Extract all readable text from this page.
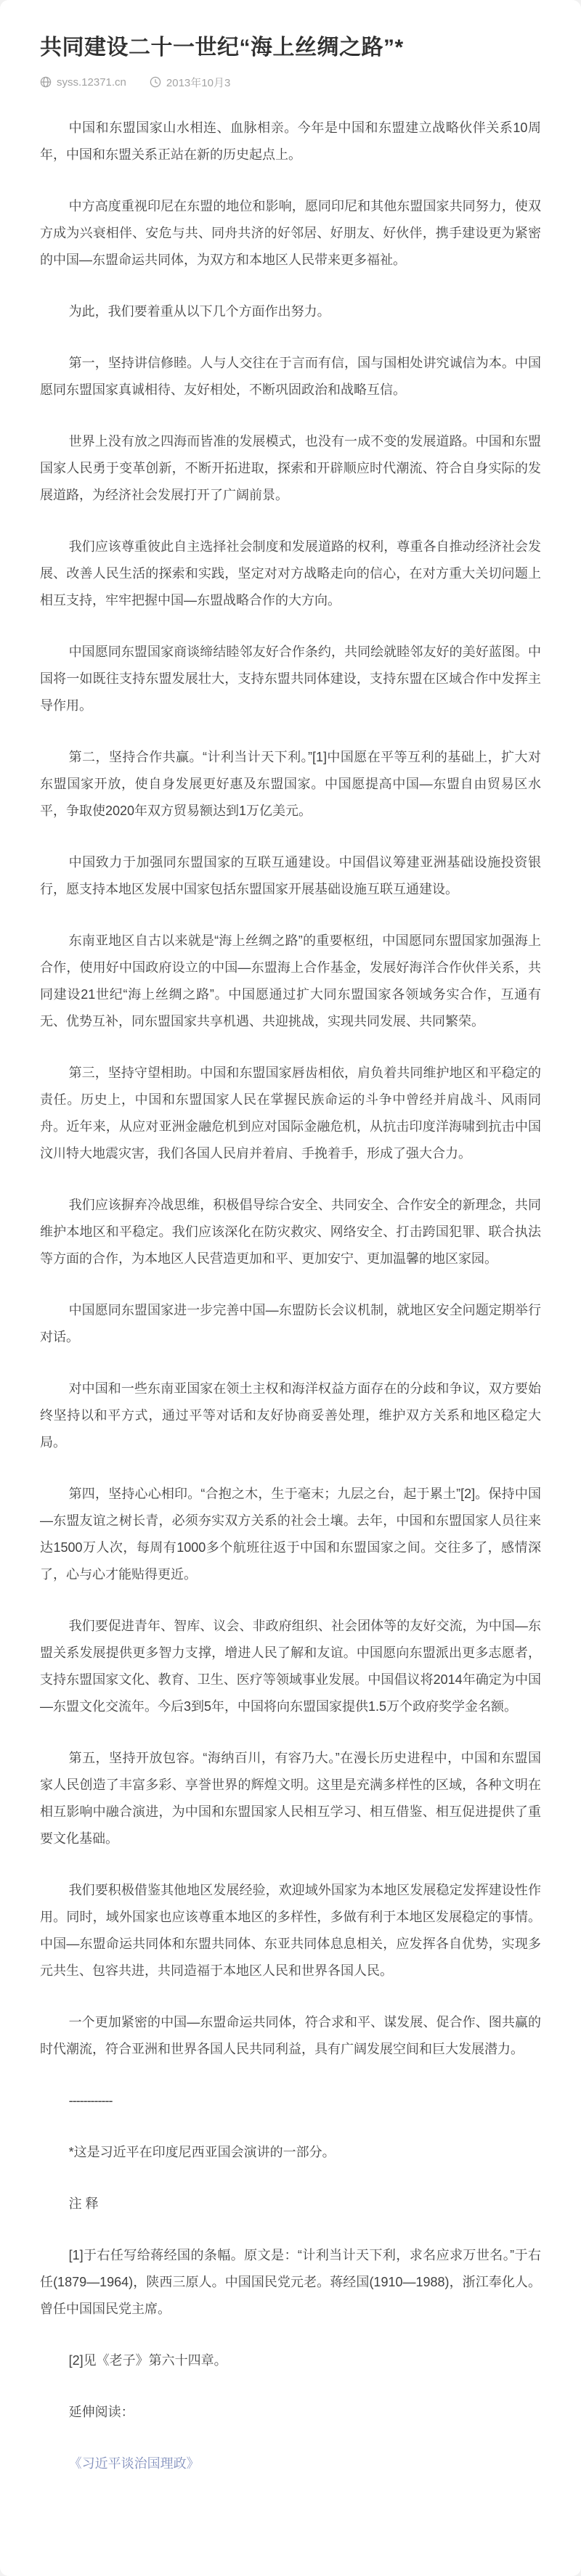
共同建设二十一世纪“海上丝绸之路”*
syss.12371.cn	2013年10月3

中国和东盟国家山水相连、血脉相亲。今年是中国和东盟建立战略伙伴关系10周年，中国和东盟关系正站在新的历史起点上。

中方高度重视印尼在东盟的地位和影响，愿同印尼和其他东盟国家共同努力，使双方成为兴衰相伴、安危与共、同舟共济的好邻居、好朋友、好伙伴，携手建设更为紧密的中国—东盟命运共同体，为双方和本地区人民带来更多福祉。

为此，我们要着重从以下几个方面作出努力。

第一，坚持讲信修睦。人与人交往在于言而有信，国与国相处讲究诚信为本。中国愿同东盟国家真诚相待、友好相处，不断巩固政治和战略互信。

世界上没有放之四海而皆准的发展模式，也没有一成不变的发展道路。中国和东盟国家人民勇于变革创新，不断开拓进取，探索和开辟顺应时代潮流、符合自身实际的发展道路，为经济社会发展打开了广阔前景。

我们应该尊重彼此自主选择社会制度和发展道路的权利，尊重各自推动经济社会发展、改善人民生活的探索和实践，坚定对对方战略走向的信心，在对方重大关切问题上相互支持，牢牢把握中国—东盟战略合作的大方向。

中国愿同东盟国家商谈缔结睦邻友好合作条约，共同绘就睦邻友好的美好蓝图。中国将一如既往支持东盟发展壮大，支持东盟共同体建设，支持东盟在区域合作中发挥主导作用。

第二，坚持合作共赢。“计利当计天下利。”[1]中国愿在平等互利的基础上，扩大对东盟国家开放，使自身发展更好惠及东盟国家。中国愿提高中国—东盟自由贸易区水平，争取使2020年双方贸易额达到1万亿美元。

中国致力于加强同东盟国家的互联互通建设。中国倡议筹建亚洲基础设施投资银行，愿支持本地区发展中国家包括东盟国家开展基础设施互联互通建设。

东南亚地区自古以来就是“海上丝绸之路”的重要枢纽，中国愿同东盟国家加强海上合作，使用好中国政府设立的中国—东盟海上合作基金，发展好海洋合作伙伴关系，共同建设21世纪“海上丝绸之路”。中国愿通过扩大同东盟国家各领域务实合作，互通有无、优势互补，同东盟国家共享机遇、共迎挑战，实现共同发展、共同繁荣。

第三，坚持守望相助。中国和东盟国家唇齿相依，肩负着共同维护地区和平稳定的责任。历史上，中国和东盟国家人民在掌握民族命运的斗争中曾经并肩战斗、风雨同舟。近年来，从应对亚洲金融危机到应对国际金融危机，从抗击印度洋海啸到抗击中国汶川特大地震灾害，我们各国人民肩并着肩、手挽着手，形成了强大合力。

我们应该摒弃冷战思维，积极倡导综合安全、共同安全、合作安全的新理念，共同维护本地区和平稳定。我们应该深化在防灾救灾、网络安全、打击跨国犯罪、联合执法等方面的合作，为本地区人民营造更加和平、更加安宁、更加温馨的地区家园。

中国愿同东盟国家进一步完善中国—东盟防长会议机制，就地区安全问题定期举行对话。

对中国和一些东南亚国家在领土主权和海洋权益方面存在的分歧和争议，双方要始终坚持以和平方式，通过平等对话和友好协商妥善处理，维护双方关系和地区稳定大局。

第四，坚持心心相印。“合抱之木，生于毫末；九层之台，起于累土”[2]。保持中国—东盟友谊之树长青，必须夯实双方关系的社会土壤。去年，中国和东盟国家人员往来达1500万人次，每周有1000多个航班往返于中国和东盟国家之间。交往多了，感情深了，心与心才能贴得更近。

我们要促进青年、智库、议会、非政府组织、社会团体等的友好交流，为中国—东盟关系发展提供更多智力支撑，增进人民了解和友谊。中国愿向东盟派出更多志愿者，支持东盟国家文化、教育、卫生、医疗等领域事业发展。中国倡议将2014年确定为中国—东盟文化交流年。今后3到5年，中国将向东盟国家提供1.5万个政府奖学金名额。

第五，坚持开放包容。“海纳百川，有容乃大。”在漫长历史进程中，中国和东盟国家人民创造了丰富多彩、享誉世界的辉煌文明。这里是充满多样性的区域，各种文明在相互影响中融合演进，为中国和东盟国家人民相互学习、相互借鉴、相互促进提供了重要文化基础。

我们要积极借鉴其他地区发展经验，欢迎域外国家为本地区发展稳定发挥建设性作用。同时，域外国家也应该尊重本地区的多样性，多做有利于本地区发展稳定的事情。中国—东盟命运共同体和东盟共同体、东亚共同体息息相关，应发挥各自优势，实现多元共生、包容共进，共同造福于本地区人民和世界各国人民。

一个更加紧密的中国—东盟命运共同体，符合求和平、谋发展、促合作、图共赢的时代潮流，符合亚洲和世界各国人民共同利益，具有广阔发展空间和巨大发展潜力。

------------

*这是习近平在印度尼西亚国会演讲的一部分。

注 释

[1]于右任写给蒋经国的条幅。原文是：“计利当计天下利，求名应求万世名。”于右任(1879—1964)，陕西三原人。中国国民党元老。蒋经国(1910—1988)，浙江奉化人。曾任中国国民党主席。

[2]见《老子》第六十四章。

延伸阅读：

《习近平谈治国理政》
